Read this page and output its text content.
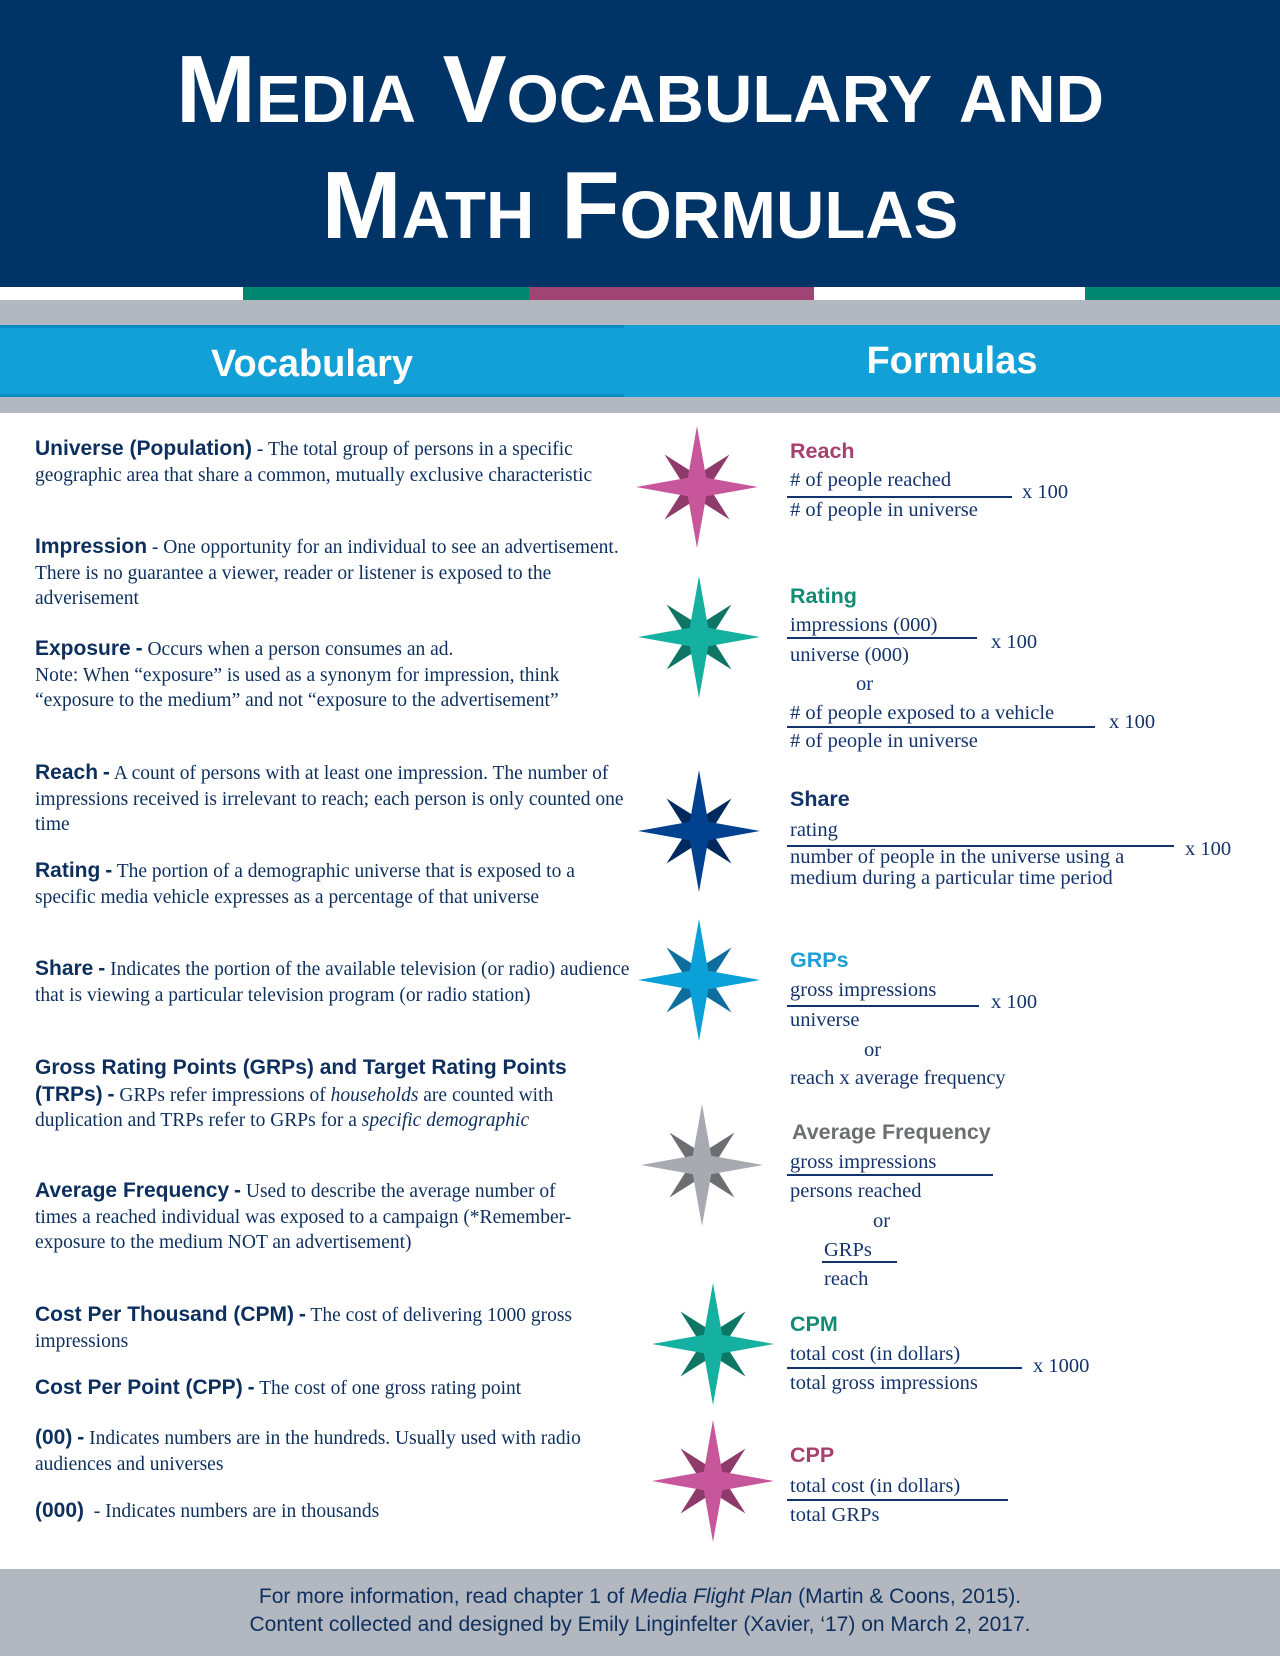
Media Vocabulary and
Math Formulas
Vocabulary	Formulas
Universe (Population) - The total group of persons in a specific geographic area that share a common, mutually exclusive characteristic
Impression - One opportunity for an individual to see an advertisement. There is no guarantee a viewer, reader or listener is exposed to the adverisement
Exposure - Occurs when a person consumes an ad.
Note: When “exposure” is used as a synonym for impression, think “exposure to the medium” and not “exposure to the advertisement”
Reach - A count of persons with at least one impression. The number of impressions received is irrelevant to reach; each person is only counted one time
Rating - The portion of a demographic universe that is exposed to a specific media vehicle expresses as a percentage of that universe
Share - Indicates the portion of the available television (or radio) audience that is viewing a particular television program (or radio station)
Gross Rating Points (GRPs) and Target Rating Points (TRPs) - GRPs refer impressions of households are counted with duplication and TRPs refer to GRPs for a specific demographic
Average Frequency - Used to describe the average number of times a reached individual was exposed to a campaign (*Remember- exposure to the medium NOT an advertisement)
Cost Per Thousand (CPM) - The cost of delivering 1000 gross impressions
Cost Per Point (CPP) - The cost of one gross rating point
(00) - Indicates numbers are in the hundreds. Usually used with radio audiences and universes
(000)  - Indicates numbers are in thousands
Reach
# of people reached
# of people in universe
x 100
Rating
impressions (000)
universe (000)
x 100
or
# of people exposed to a vehicle
# of people in universe
x 100
Share
rating
number of people in the universe using a
medium during a particular time period
x 100
GRPs
gross impressions
universe
x 100
or
reach x average frequency
Average Frequency
gross impressions
persons reached
or
GRPs
reach
CPM
total cost (in dollars)
total gross impressions
x 1000
CPP
total cost (in dollars)
total GRPs
For more information, read chapter 1 of Media Flight Plan (Martin & Coons, 2015).
Content collected and designed by Emily Linginfelter (Xavier, ‘17) on March 2, 2017.
